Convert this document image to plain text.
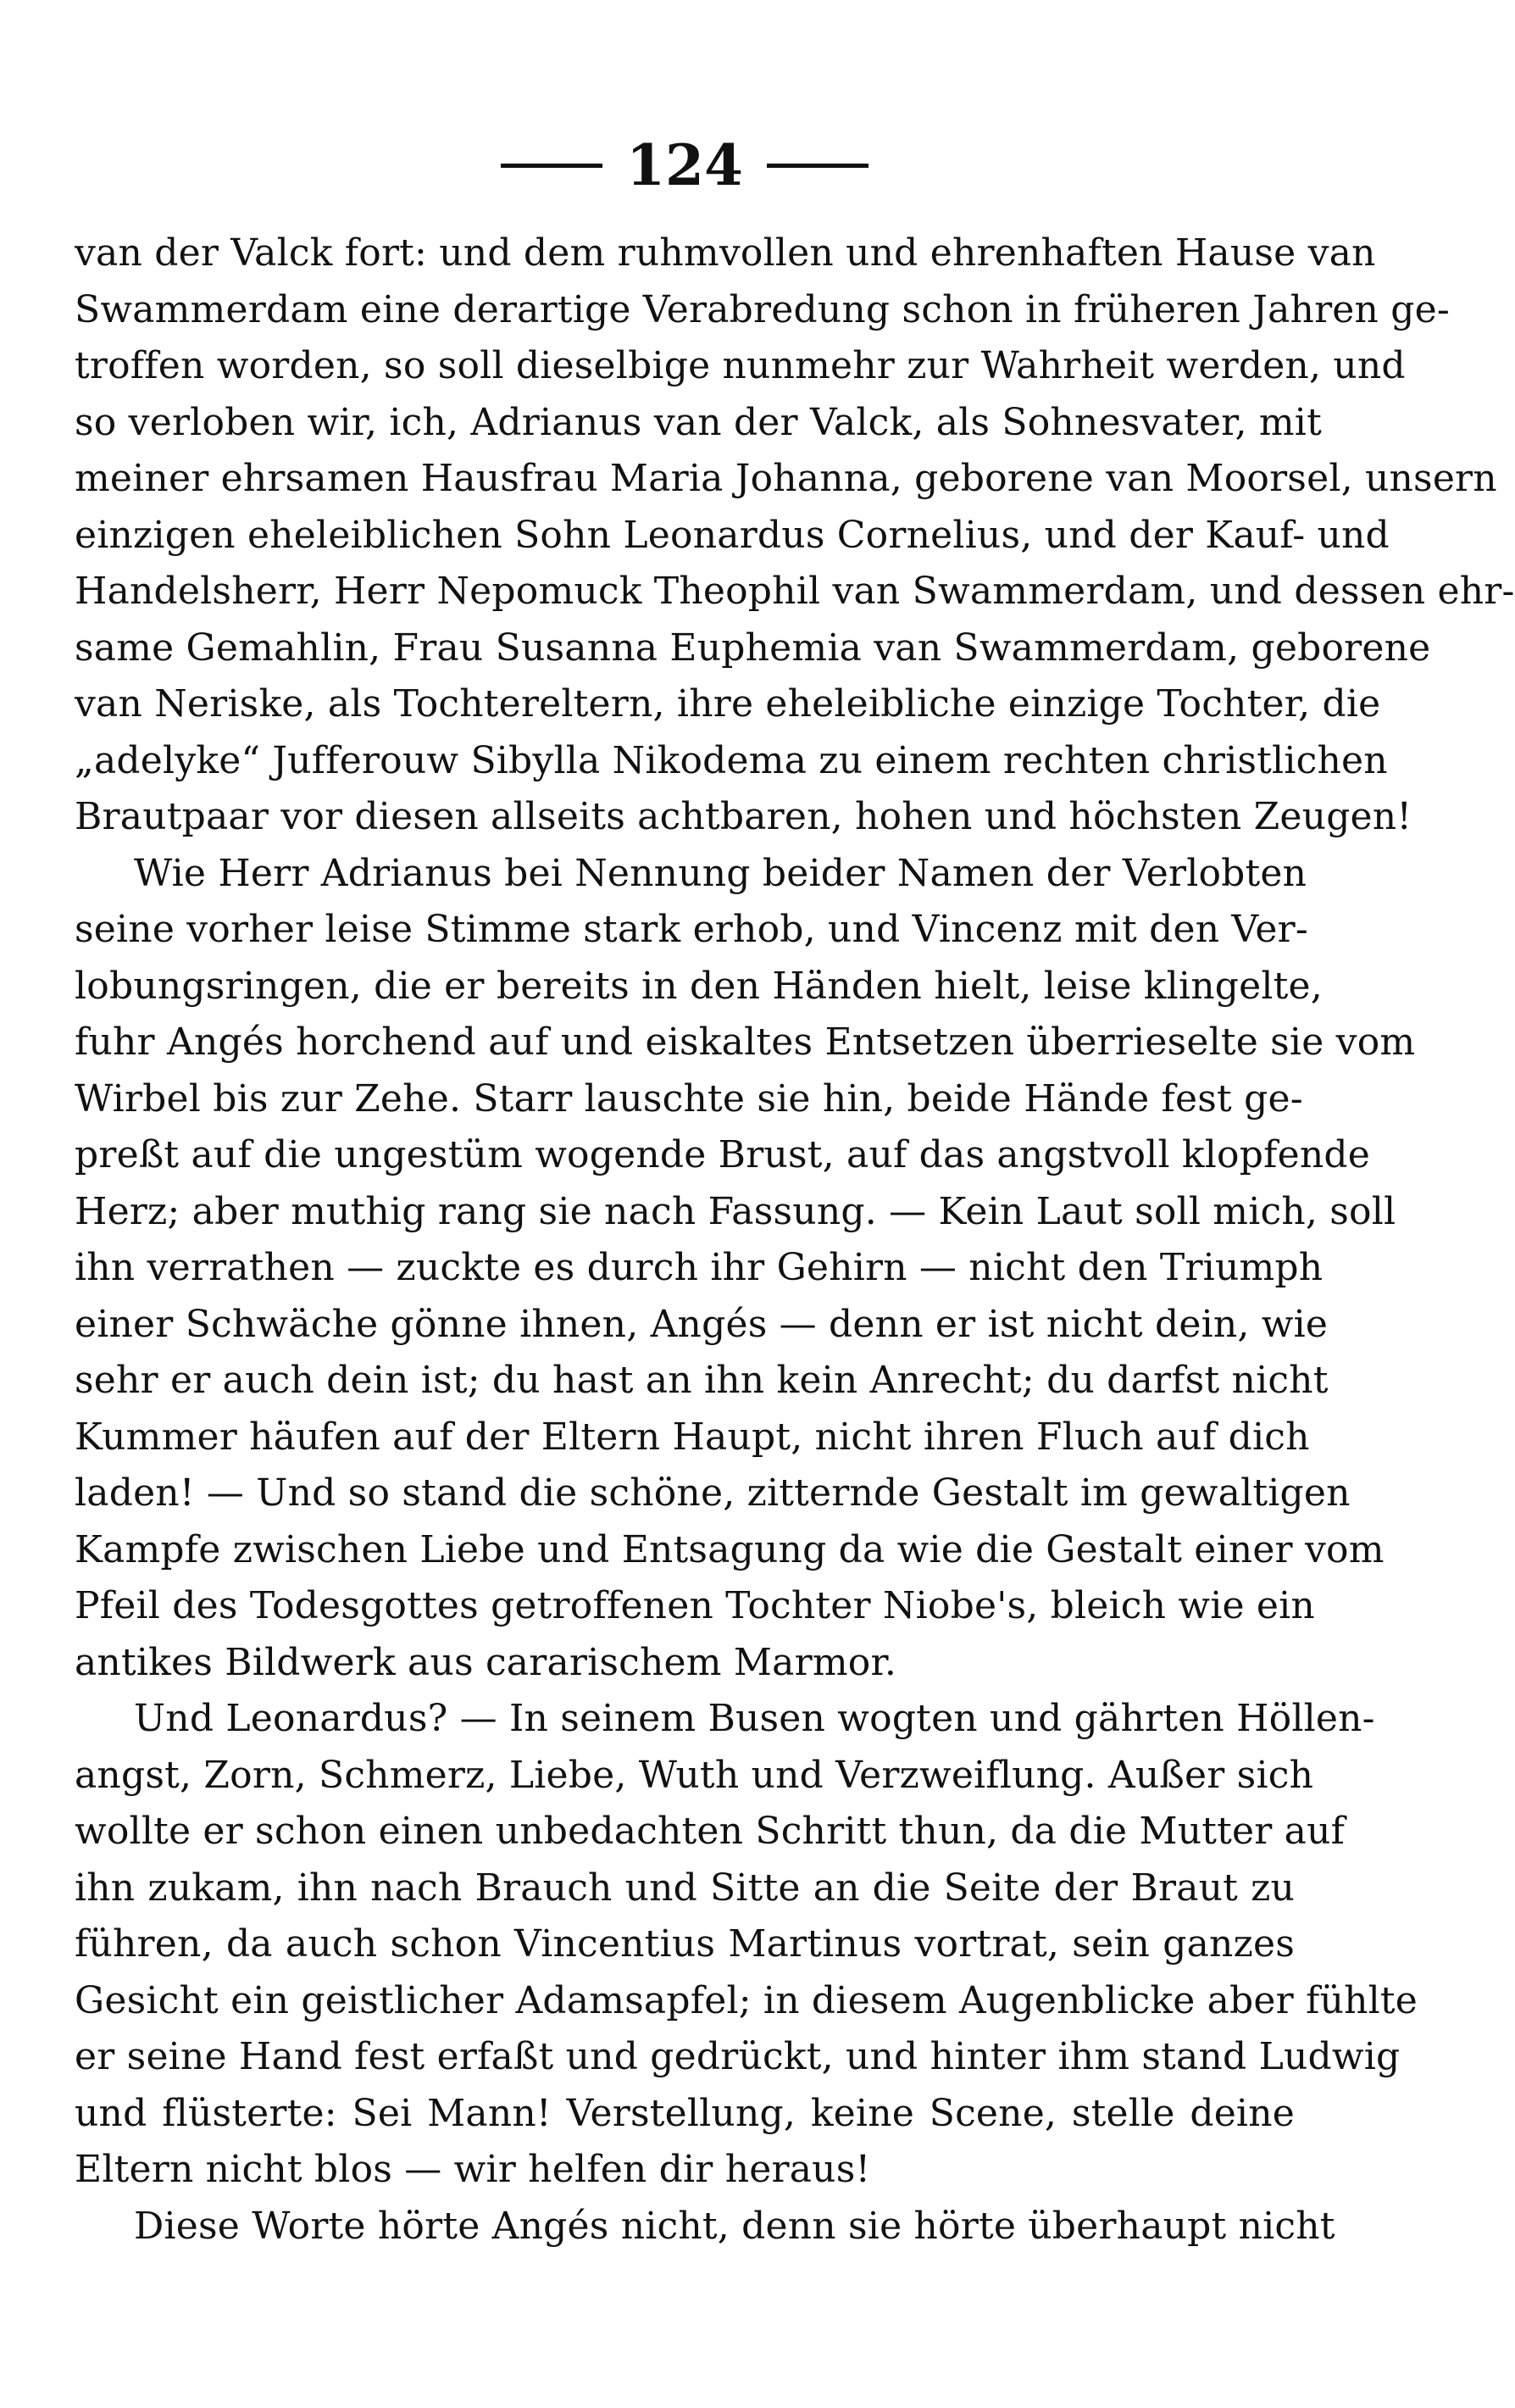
124
van der Valck fort: und dem ruhmvollen und ehrenhaften Hause van
Swammerdam eine derartige Verabredung schon in früheren Jahren ge-
troffen worden, so soll dieselbige nunmehr zur Wahrheit werden, und
so verloben wir, ich, Adrianus van der Valck, als Sohnesvater, mit
meiner ehrsamen Hausfrau Maria Johanna, geborene van Moorsel, unsern
einzigen eheleiblichen Sohn Leonardus Cornelius, und der Kauf- und
Handelsherr, Herr Nepomuck Theophil van Swammerdam, und dessen ehr-
same Gemahlin, Frau Susanna Euphemia van Swammerdam, geborene
van Neriske, als Tochtereltern, ihre eheleibliche einzige Tochter, die
„adelyke“ Jufferouw Sibylla Nikodema zu einem rechten christlichen
Brautpaar vor diesen allseits achtbaren, hohen und höchsten Zeugen!
Wie Herr Adrianus bei Nennung beider Namen der Verlobten
seine vorher leise Stimme stark erhob, und Vincenz mit den Ver-
lobungsringen, die er bereits in den Händen hielt, leise klingelte,
fuhr Angés horchend auf und eiskaltes Entsetzen überrieselte sie vom
Wirbel bis zur Zehe. Starr lauschte sie hin, beide Hände fest ge-
preßt auf die ungestüm wogende Brust, auf das angstvoll klopfende
Herz; aber muthig rang sie nach Fassung. — Kein Laut soll mich, soll
ihn verrathen — zuckte es durch ihr Gehirn — nicht den Triumph
einer Schwäche gönne ihnen, Angés — denn er ist nicht dein, wie
sehr er auch dein ist; du hast an ihn kein Anrecht; du darfst nicht
Kummer häufen auf der Eltern Haupt, nicht ihren Fluch auf dich
laden! — Und so stand die schöne, zitternde Gestalt im gewaltigen
Kampfe zwischen Liebe und Entsagung da wie die Gestalt einer vom
Pfeil des Todesgottes getroffenen Tochter Niobe's, bleich wie ein
antikes Bildwerk aus cararischem Marmor.
Und Leonardus? — In seinem Busen wogten und gährten Höllen-
angst, Zorn, Schmerz, Liebe, Wuth und Verzweiflung. Außer sich
wollte er schon einen unbedachten Schritt thun, da die Mutter auf
ihn zukam, ihn nach Brauch und Sitte an die Seite der Braut zu
führen, da auch schon Vincentius Martinus vortrat, sein ganzes
Gesicht ein geistlicher Adamsapfel; in diesem Augenblicke aber fühlte
er seine Hand fest erfaßt und gedrückt, und hinter ihm stand Ludwig
und flüsterte: Sei Mann! Verstellung, keine Scene, stelle deine
Eltern nicht blos — wir helfen dir heraus!
Diese Worte hörte Angés nicht, denn sie hörte überhaupt nicht
